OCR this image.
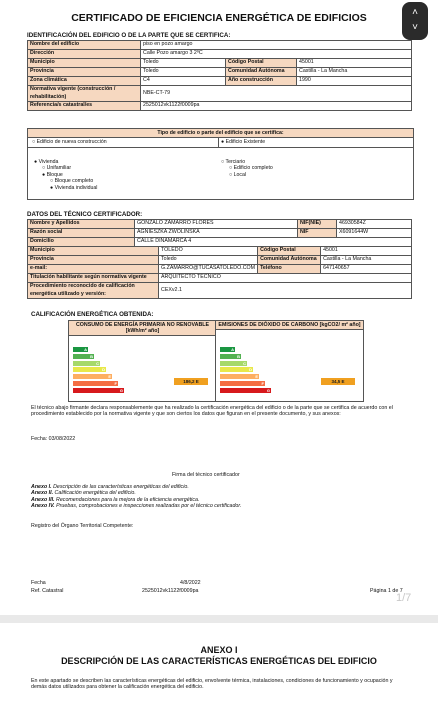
CERTIFICADO DE EFICIENCIA ENERGÉTICA DE EDIFICIOS	˄
˅
IDENTIFICACIÓN DEL EDIFICIO O DE LA PARTE QUE SE CERTIFICA:
Nombre del edificio	piso en pozo amargo		
Dirección	Calle Pozo amargo 3 2ºC		
Municipio	Toledo	Código Postal	45001
Provincia	Toledo	Comunidad Autónoma	Castilla - La Mancha
Zona climática	C4	Año construcción	1990
Normativa vigente (construcción / rehabilitación)	NBE-CT-79		
Referencia/s catastral/es	2525012vk1122f0009pa		
Tipo de edificio o parte del edificio que se certifica:
○ Edificio de nueva construcción	● Edificio Existente
● Vivienda
○ Unifamiliar
● Bloque
○ Bloque completo
● Vivienda individual
○ Terciario
○ Edificio completo
○ Local
DATOS DEL TÉCNICO CERTIFICADOR:
Nombre y Apellidos	GONZALO ZAMARRO FLORES	NIF(NIE)	46930584Z
Razón social	AGNIESZKA ZWOLINSKA	NIF	X6091644W
Domicilio	CALLE DINAMARCA 4		
Municipio	TOLEDO	Código Postal	45001
Provincia	Toledo	Comunidad Autónoma	Castilla - La Mancha
e-mail:	G.ZAMARRO@TUCASATOLEDO.COM	Teléfono	647140657
Titulación habilitante según normativa vigente	ARQUITECTO TECNICO		
Procedimiento reconocido de calificación energética utilizado y versión:	CEXv2.1		
CALIFICACIÓN ENERGÉTICA OBTENIDA:
CONSUMO DE ENERGÍA PRIMARIA NO RENOVABLE [kWh/m² año]
A
B
C
D
E
F
G
186,2 E
EMISIONES DE DIÓXIDO DE CARBONO [kgCO2/ m² año]
A
B
C
D
E
F
G
34,5 E
El técnico abajo firmante declara responsablemente que ha realizado la certificación energética del edificio o de la parte que se certifica de acuerdo con el procedimiento establecido por la normativa vigente y que son ciertos los datos que figuran en el presente documento, y sus anexos:
Fecha: 03/08/2022
Firma del técnico certificador
Anexo I. Descripción de las características energéticas del edificio.
Anexo II. Calificación energética del edificio.
Anexo III. Recomendaciones para la mejora de la eficiencia energética.
Anexo IV. Pruebas, comprobaciones e inspecciones realizadas por el técnico certificador.
Registro del Órgano Territorial Competente:
Fecha
Ref. Catastral
4/8/2022
2525012vk1122f0009pa	Página 1 de 7
1/7
ANEXO I
DESCRIPCIÓN DE LAS CARACTERÍSTICAS ENERGÉTICAS DEL EDIFICIO
En este apartado se describen las características energéticas del edificio, envolvente térmica, instalaciones, condiciones de funcionamiento y ocupación y demás datos utilizados para obtener la calificación energética del edificio.
